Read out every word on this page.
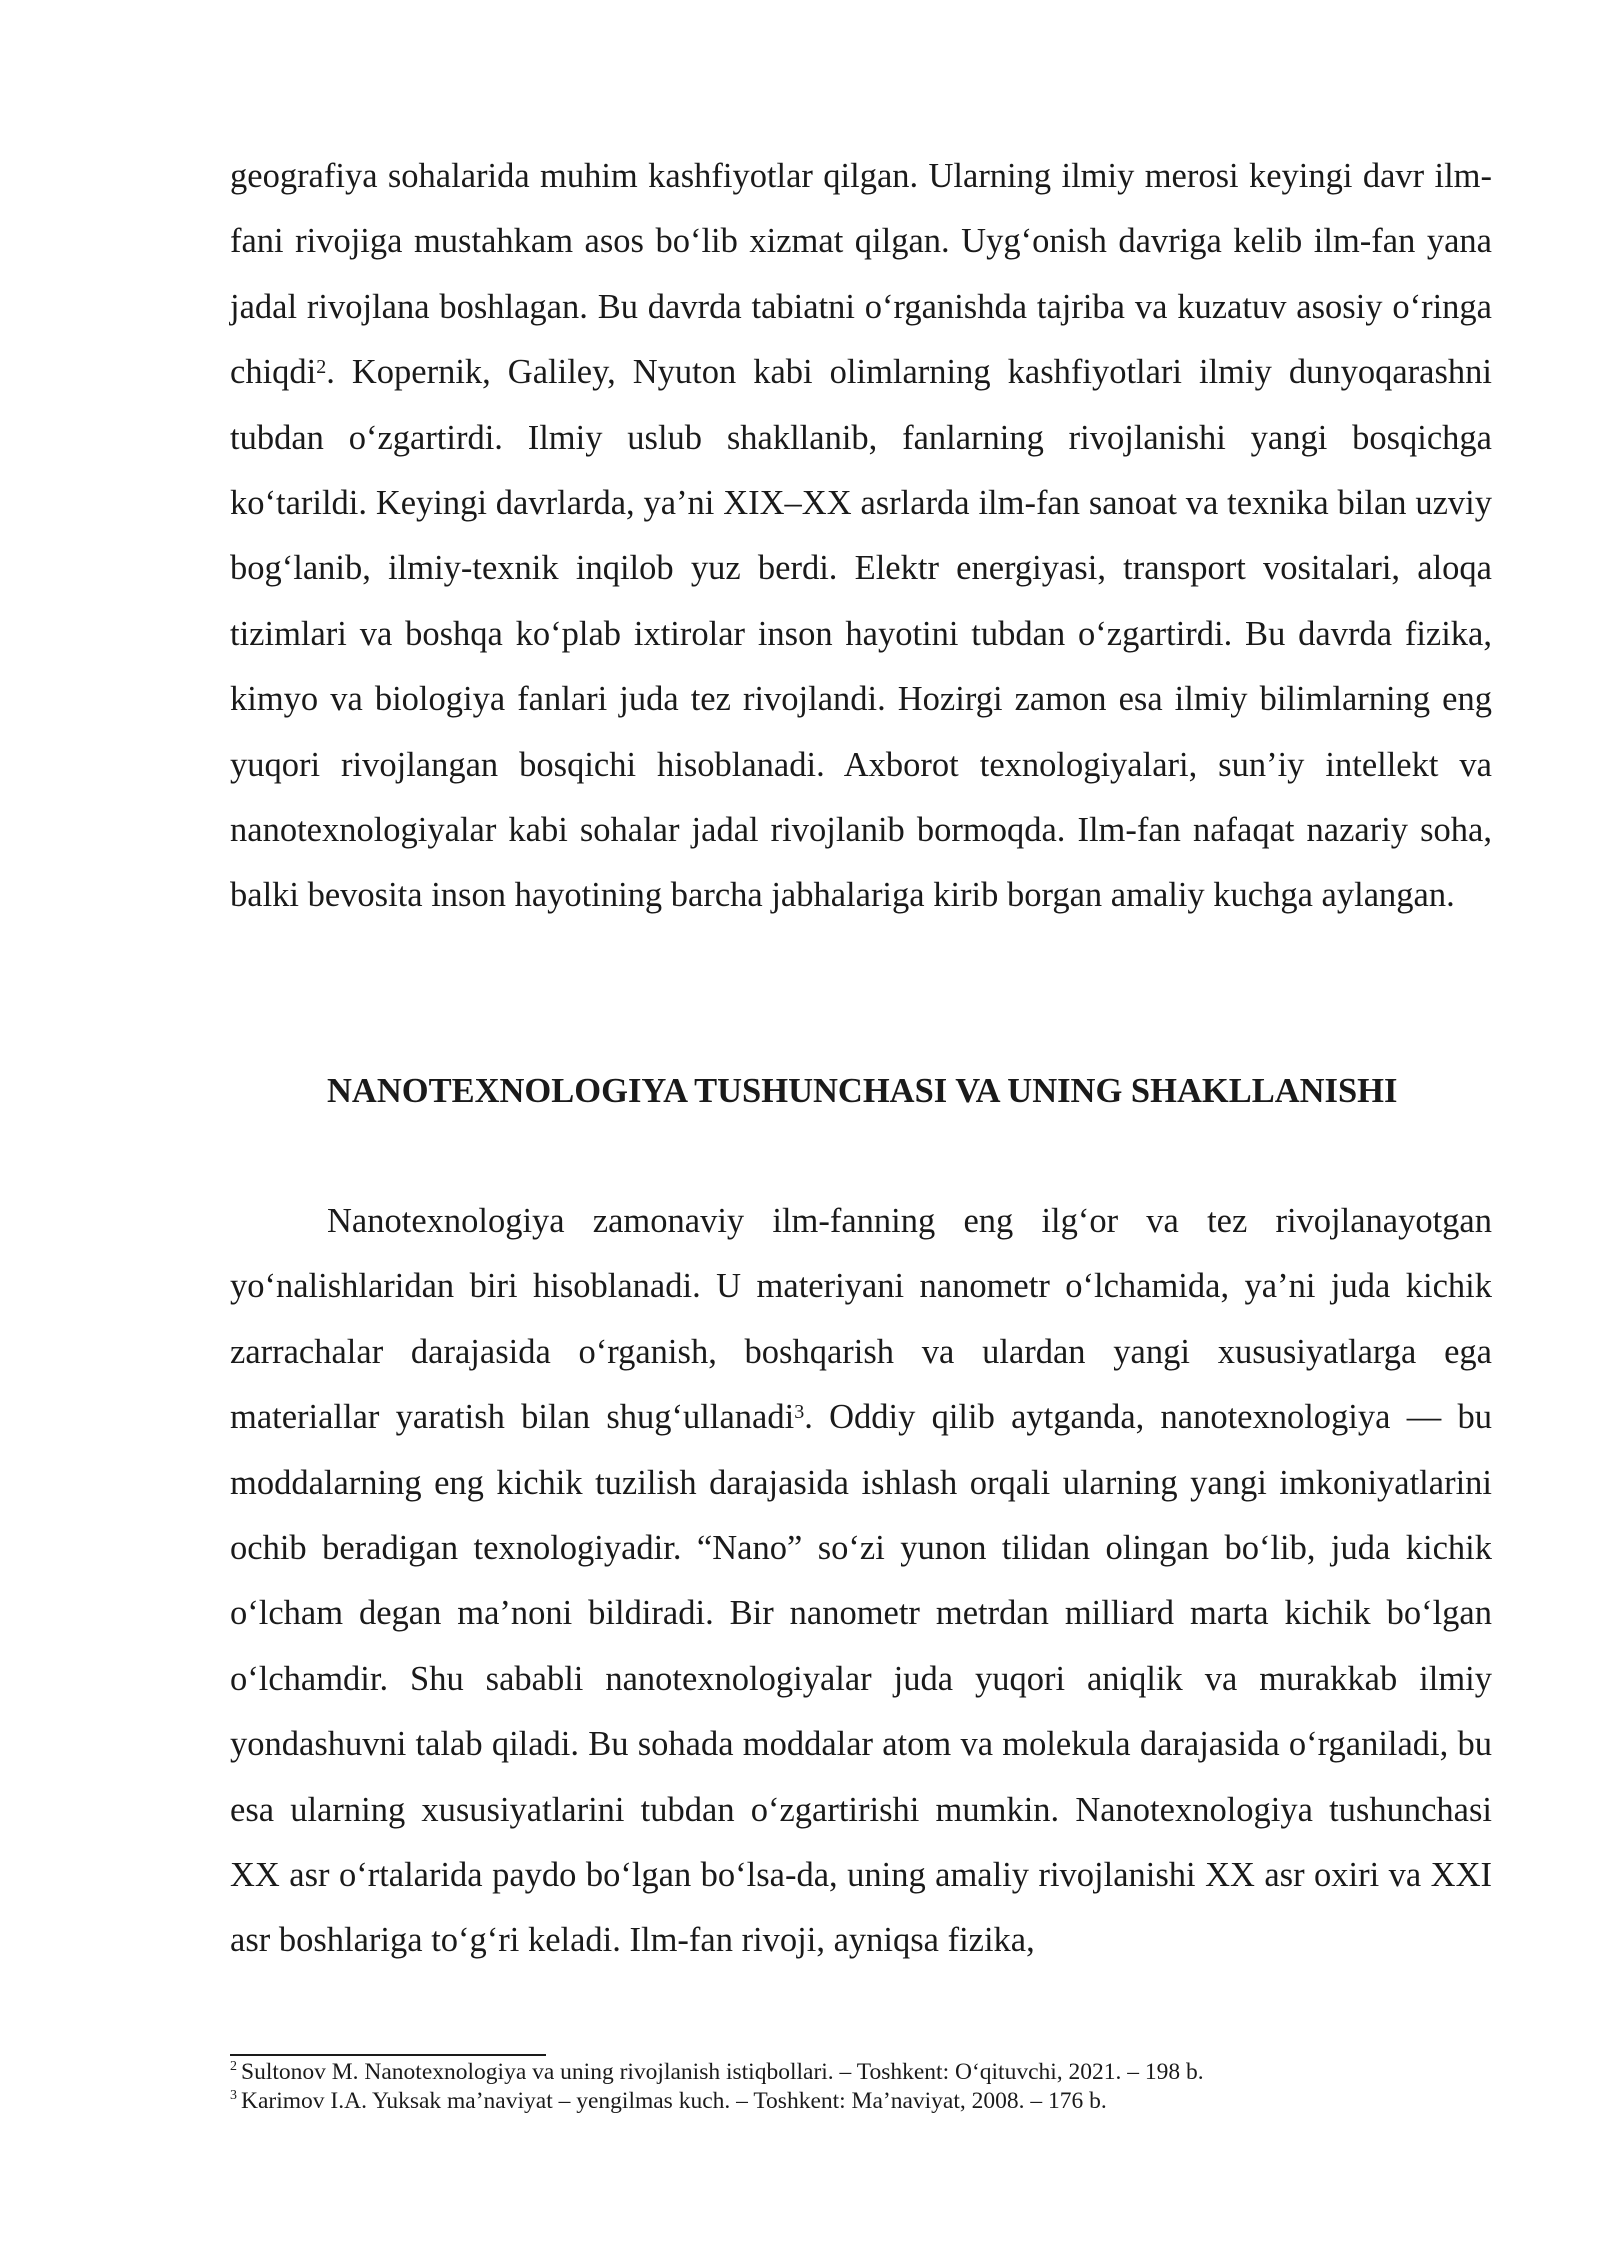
geografiya sohalarida muhim kashfiyotlar qilgan. Ularning ilmiy merosi keyingi davr ilm-fani rivojiga mustahkam asos bo‘lib xizmat qilgan. Uyg‘onish davriga kelib ilm-fan yana jadal rivojlana boshlagan. Bu davrda tabiatni o‘rganishda tajriba va kuzatuv asosiy o‘ringa chiqdi$^2$. Kopernik, Galiley, Nyuton kabi olimlarning kashfiyotlari ilmiy dunyoqarashni tubdan o‘zgartirdi. Ilmiy uslub shakllanib, fanlarning rivojlanishi yangi bosqichga ko‘tarildi. Keyingi davrlarda, ya’ni XIX–XX asrlarda ilm-fan sanoat va texnika bilan uzviy bog‘lanib, ilmiy-texnik inqilob yuz berdi. Elektr energiyasi, transport vositalari, aloqa tizimlari va boshqa ko‘plab ixtirolar inson hayotini tubdan o‘zgartirdi. Bu davrda fizika, kimyo va biologiya fanlari juda tez rivojlandi. Hozirgi zamon esa ilmiy bilimlarning eng yuqori rivojlangan bosqichi hisoblanadi. Axborot texnologiyalari, sun’iy intellekt va nanotexnologiyalar kabi sohalar jadal rivojlanib bormoqda. Ilm-fan nafaqat nazariy soha, balki bevosita inson hayotining barcha jabhalariga kirib borgan amaliy kuchga aylangan.

NANOTEXNOLOGIYA TUSHUNCHASI VA UNING SHAKLLANISHI

Nanotexnologiya zamonaviy ilm-fanning eng ilg‘or va tez rivojlanayotgan yo‘nalishlaridan biri hisoblanadi. U materiyani nanometr o‘lchamida, ya’ni juda kichik zarrachalar darajasida o‘rganish, boshqarish va ulardan yangi xususiyatlarga ega materiallar yaratish bilan shug‘ullanadi$^3$. Oddiy qilib aytganda, nanotexnologiya — bu moddalarning eng kichik tuzilish darajasida ishlash orqali ularning yangi imkoniyatlarini ochib beradigan texnologiyadir. “Nano” so‘zi yunon tilidan olingan bo‘lib, juda kichik o‘lcham degan ma’noni bildiradi. Bir nanometr metrdan milliard marta kichik bo‘lgan o‘lchamdir. Shu sababli nanotexnologiyalar juda yuqori aniqlik va murakkab ilmiy yondashuvni talab qiladi. Bu sohada moddalar atom va molekula darajasida o‘rganiladi, bu esa ularning xususiyatlarini tubdan o‘zgartirishi mumkin. Nanotexnologiya tushunchasi XX asr o‘rtalarida paydo bo‘lgan bo‘lsa-da, uning amaliy rivojlanishi XX asr oxiri va XXI asr boshlariga to‘g‘ri keladi. Ilm-fan rivoji, ayniqsa fizika,

$^2$ Sultonov M. Nanotexnologiya va uning rivojlanish istiqbollari. – Toshkent: O‘qituvchi, 2021. – 198 b.

$^3$ Karimov I.A. Yuksak ma’naviyat – yengilmas kuch. – Toshkent: Ma’naviyat, 2008. – 176 b.
